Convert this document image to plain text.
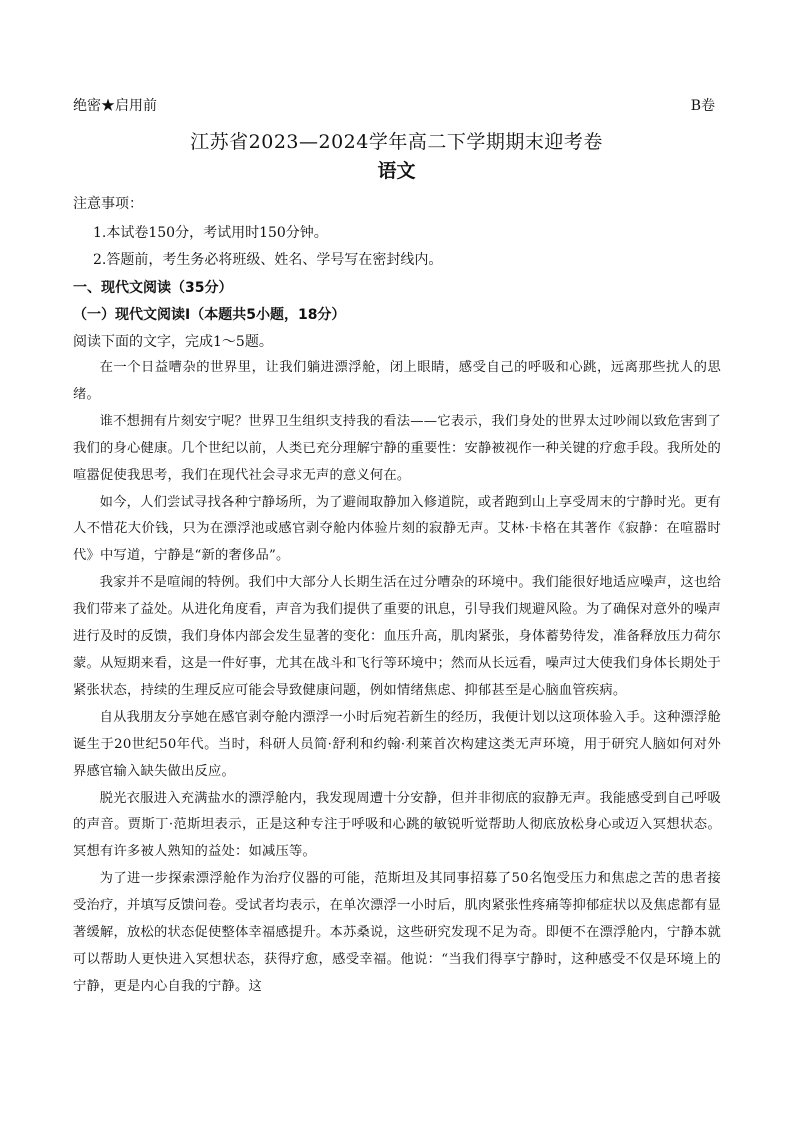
绝密★启用前	B卷
江苏省2023—2024学年高二下学期期末迎考卷
语文
注意事项：
1.本试卷150分，考试用时150分钟。
2.答题前，考生务必将班级、姓名、学号写在密封线内。
一、现代文阅读（35分）
（一）现代文阅读Ⅰ（本题共5小题，18分）
阅读下面的文字，完成1～5题。

在一个日益嘈杂的世界里，让我们躺进漂浮舱，闭上眼睛，感受自己的呼吸和心跳，远离那些扰人的思绪。

谁不想拥有片刻安宁呢？世界卫生组织支持我的看法——它表示，我们身处的世界太过吵闹以致危害到了我们的身心健康。几个世纪以前，人类已充分理解宁静的重要性：安静被视作一种关键的疗愈手段。我所处的喧嚣促使我思考，我们在现代社会寻求无声的意义何在。

如今，人们尝试寻找各种宁静场所，为了避闹取静加入修道院，或者跑到山上享受周末的宁静时光。更有人不惜花大价钱，只为在漂浮池或感官剥夺舱内体验片刻的寂静无声。艾林·卡格在其著作《寂静：在喧嚣时代》中写道，宁静是“新的奢侈品”。

我家并不是喧闹的特例。我们中大部分人长期生活在过分嘈杂的环境中。我们能很好地适应噪声，这也给我们带来了益处。从进化角度看，声音为我们提供了重要的讯息，引导我们规避风险。为了确保对意外的噪声进行及时的反馈，我们身体内部会发生显著的变化：血压升高，肌肉紧张，身体蓄势待发，准备释放压力荷尔蒙。从短期来看，这是一件好事，尤其在战斗和飞行等环境中；然而从长远看，噪声过大使我们身体长期处于紧张状态，持续的生理反应可能会导致健康问题，例如情绪焦虑、抑郁甚至是心脑血管疾病。

自从我朋友分享她在感官剥夺舱内漂浮一小时后宛若新生的经历，我便计划以这项体验入手。这种漂浮舱诞生于20世纪50年代。当时，科研人员简·舒利和约翰·利莱首次构建这类无声环境，用于研究人脑如何对外界感官输入缺失做出反应。

脱光衣服进入充满盐水的漂浮舱内，我发现周遭十分安静，但并非彻底的寂静无声。我能感受到自己呼吸的声音。贾斯丁·范斯坦表示，正是这种专注于呼吸和心跳的敏锐听觉帮助人彻底放松身心或迈入冥想状态。冥想有许多被人熟知的益处：如减压等。

为了进一步探索漂浮舱作为治疗仪器的可能，范斯坦及其同事招募了50名饱受压力和焦虑之苦的患者接受治疗，并填写反馈问卷。受试者均表示，在单次漂浮一小时后，肌肉紧张性疼痛等抑郁症状以及焦虑都有显著缓解，放松的状态促使整体幸福感提升。本苏桑说，这些研究发现不足为奇。即便不在漂浮舱内，宁静本就可以帮助人更快进入冥想状态，获得疗愈，感受幸福。他说：“当我们得享宁静时，这种感受不仅是环境上的宁静，更是内心自我的宁静。这
